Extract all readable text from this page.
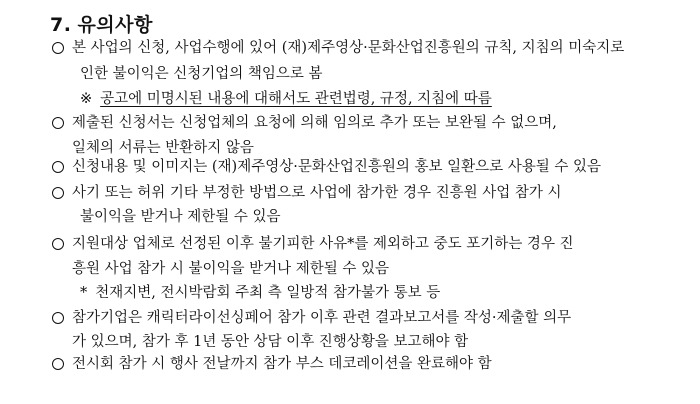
7. 유의사항
본 사업의 신청, 사업수행에 있어 (재)제주영상·문화산업진흥원의 규칙, 지침의 미숙지로
인한 불이익은 신청기업의 책임으로 봄
※ 공고에 미명시된 내용에 대해서도 관련법령, 규정, 지침에 따름
제출된 신청서는 신청업체의 요청에 의해 임의로 추가 또는 보완될 수 없으며,
일체의 서류는 반환하지 않음
신청내용 및 이미지는 (재)제주영상·문화산업진흥원의 홍보 일환으로 사용될 수 있음
사기 또는 허위 기타 부정한 방법으로 사업에 참가한 경우 진흥원 사업 참가 시
불이익을 받거나 제한될 수 있음
지원대상 업체로 선정된 이후 불기피한 사유*를 제외하고 중도 포기하는 경우 진
흥원 사업 참가 시 불이익을 받거나 제한될 수 있음
* 천재지변, 전시박람회 주최 측 일방적 참가불가 통보 등
참가기업은 캐릭터라이선싱페어 참가 이후 관련 결과보고서를 작성·제출할 의무
가 있으며, 참가 후 1년 동안 상담 이후 진행상황을 보고해야 함
전시회 참가 시 행사 전날까지 참가 부스 데코레이션을 완료해야 함
